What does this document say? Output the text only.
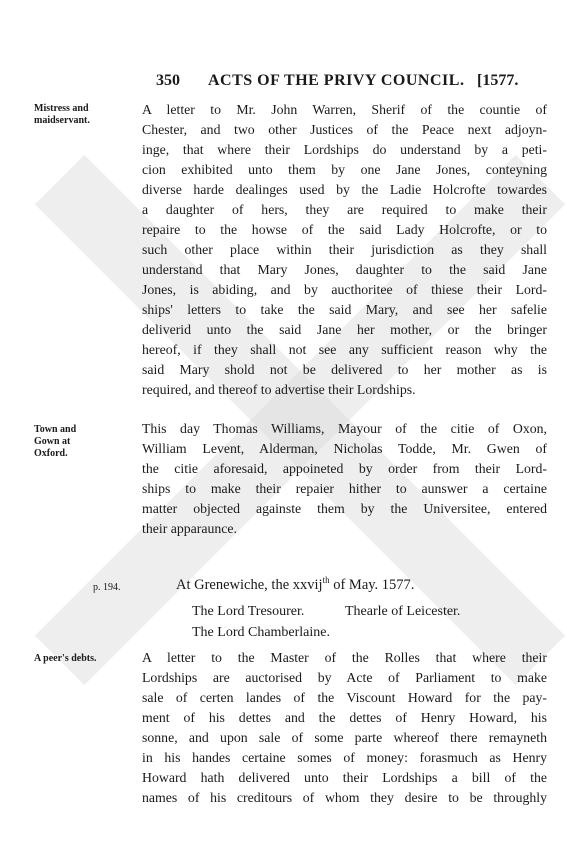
350 ACTS OF THE PRIVY COUNCIL. [1577.
Mistress and
maidservant.
A letter to Mr. John Warren, Sherif of the countie of
Chester, and two other Justices of the Peace next adjoyn-
inge, that where their Lordships do understand by a peti-
cion exhibited unto them by one Jane Jones, conteyning
diverse harde dealinges used by the Ladie Holcrofte towardes
a daughter of hers, they are required to make their
repaire to the howse of the said Lady Holcrofte, or to
such other place within their jurisdiction as they shall
understand that Mary Jones, daughter to the said Jane
Jones, is abiding, and by aucthoritee of thiese their Lord-
ships' letters to take the said Mary, and see her safelie
deliverid unto the said Jane her mother, or the bringer
hereof, if they shall not see any sufficient reason why the
said Mary shold not be delivered to her mother as is
required, and thereof to advertise their Lordships.
Town and
Gown at
Oxford.
This day Thomas Williams, Mayour of the citie of Oxon,
William Levent, Alderman, Nicholas Todde, Mr. Gwen of
the citie aforesaid, appoineted by order from their Lord-
ships to make their repaier hither to aunswer a certaine
matter objected againste them by the Universitee, entered
their apparaunce.
p. 194.	At Grenewiche, the xxvij$^{th}$ of May. 1577.
The Lord Tresourer.	Thearle of Leicester.
The Lord Chamberlaine.
A peer's debts.	A letter to the Master of the Rolles that where their
Lordships are auctorised by Acte of Parliament to make
sale of certen landes of the Viscount Howard for the pay-
ment of his dettes and the dettes of Henry Howard, his
sonne, and upon sale of some parte whereof there remayneth
in his handes certaine somes of money: forasmuch as Henry
Howard hath delivered unto their Lordships a bill of the
names of his creditours of whom they desire to be throughly
